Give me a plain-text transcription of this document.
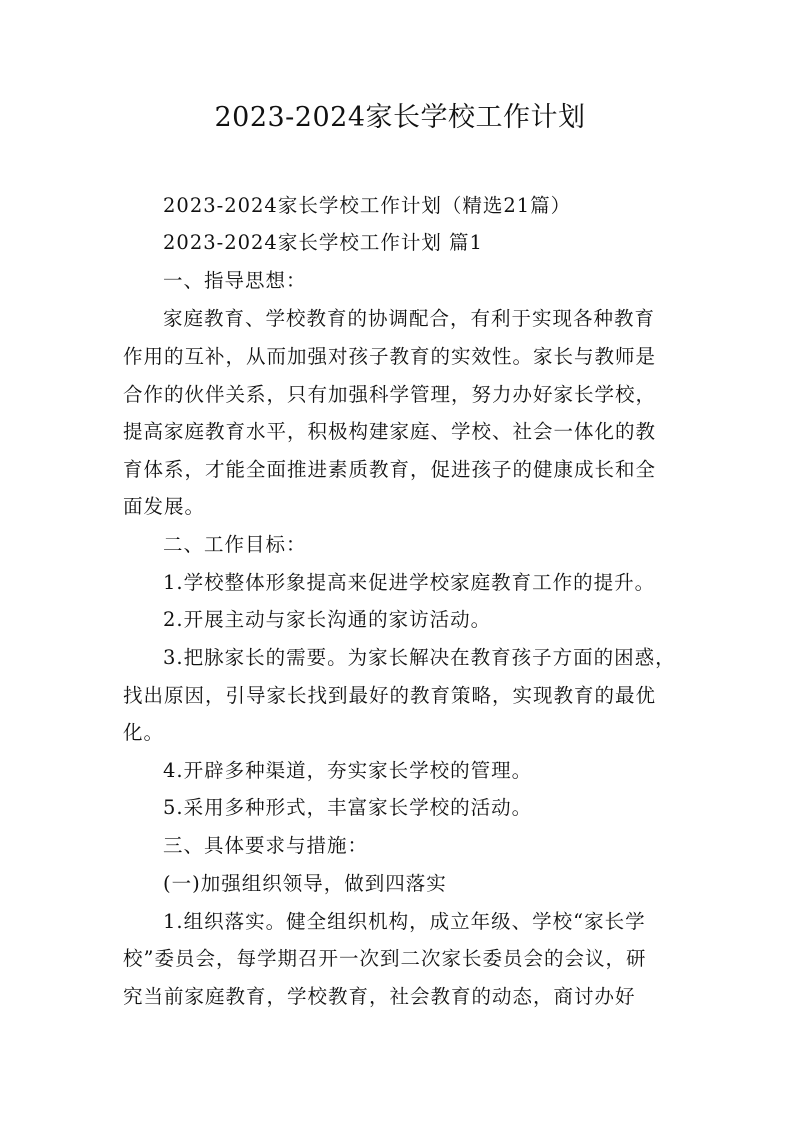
2023-2024家长学校工作计划
2023-2024家长学校工作计划（精选21篇）
2023-2024家长学校工作计划 篇1
一、指导思想：
家庭教育、学校教育的协调配合，有利于实现各种教育
作用的互补，从而加强对孩子教育的实效性。家长与教师是
合作的伙伴关系，只有加强科学管理，努力办好家长学校，
提高家庭教育水平，积极构建家庭、学校、社会一体化的教
育体系，才能全面推进素质教育，促进孩子的健康成长和全
面发展。
二、工作目标：
1.学校整体形象提高来促进学校家庭教育工作的提升。
2.开展主动与家长沟通的家访活动。
3.把脉家长的需要。为家长解决在教育孩子方面的困惑，
找出原因，引导家长找到最好的教育策略，实现教育的最优
化。
4.开辟多种渠道，夯实家长学校的管理。
5.采用多种形式，丰富家长学校的活动。
三、具体要求与措施：
(一)加强组织领导，做到四落实
1.组织落实。健全组织机构，成立年级、学校“家长学
校”委员会，每学期召开一次到二次家长委员会的会议，研
究当前家庭教育，学校教育，社会教育的动态，商讨办好
